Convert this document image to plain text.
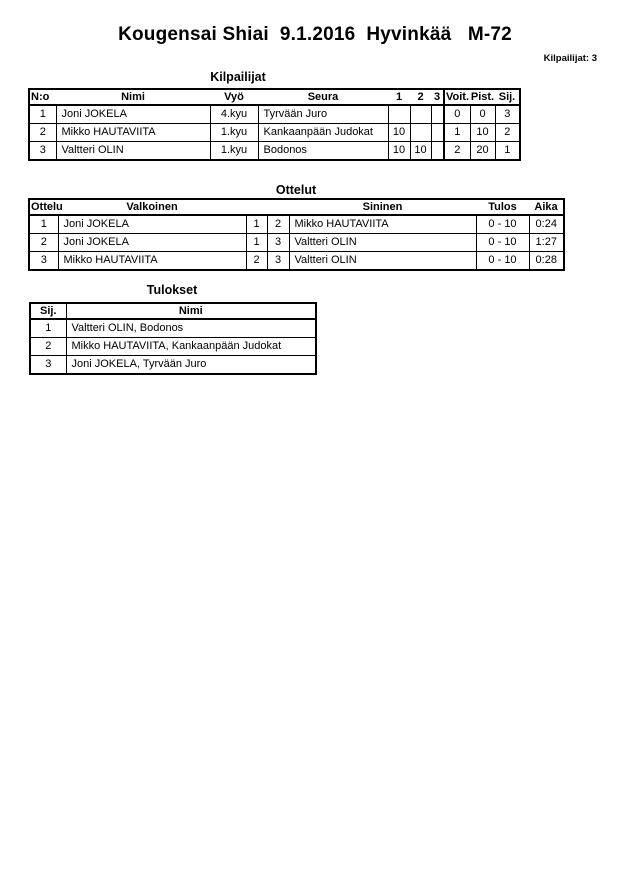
Kougensai Shiai  9.1.2016  Hyvinkää   M-72
Kilpailijat: 3
Kilpailijat
N:o	Nimi	Vyö	Seura	1	2	3	Voit.	Pist.	Sij.
1	Joni JOKELA	4.kyu	Tyrvään Juro				0	0	3
2	Mikko HAUTAVIITA	1.kyu	Kankaanpään Judokat	10			1	10	2
3	Valtteri OLIN	1.kyu	Bodonos	10	10		2	20	1
Ottelut
Ottelu	Valkoinen			Sininen	Tulos	Aika
1	Joni JOKELA	1	2	Mikko HAUTAVIITA	0 - 10	0:24
2	Joni JOKELA	1	3	Valtteri OLIN	0 - 10	1:27
3	Mikko HAUTAVIITA	2	3	Valtteri OLIN	0 - 10	0:28
Tulokset
Sij.	Nimi
1	Valtteri OLIN, Bodonos
2	Mikko HAUTAVIITA, Kankaanpään Judokat
3	Joni JOKELA, Tyrvään Juro
